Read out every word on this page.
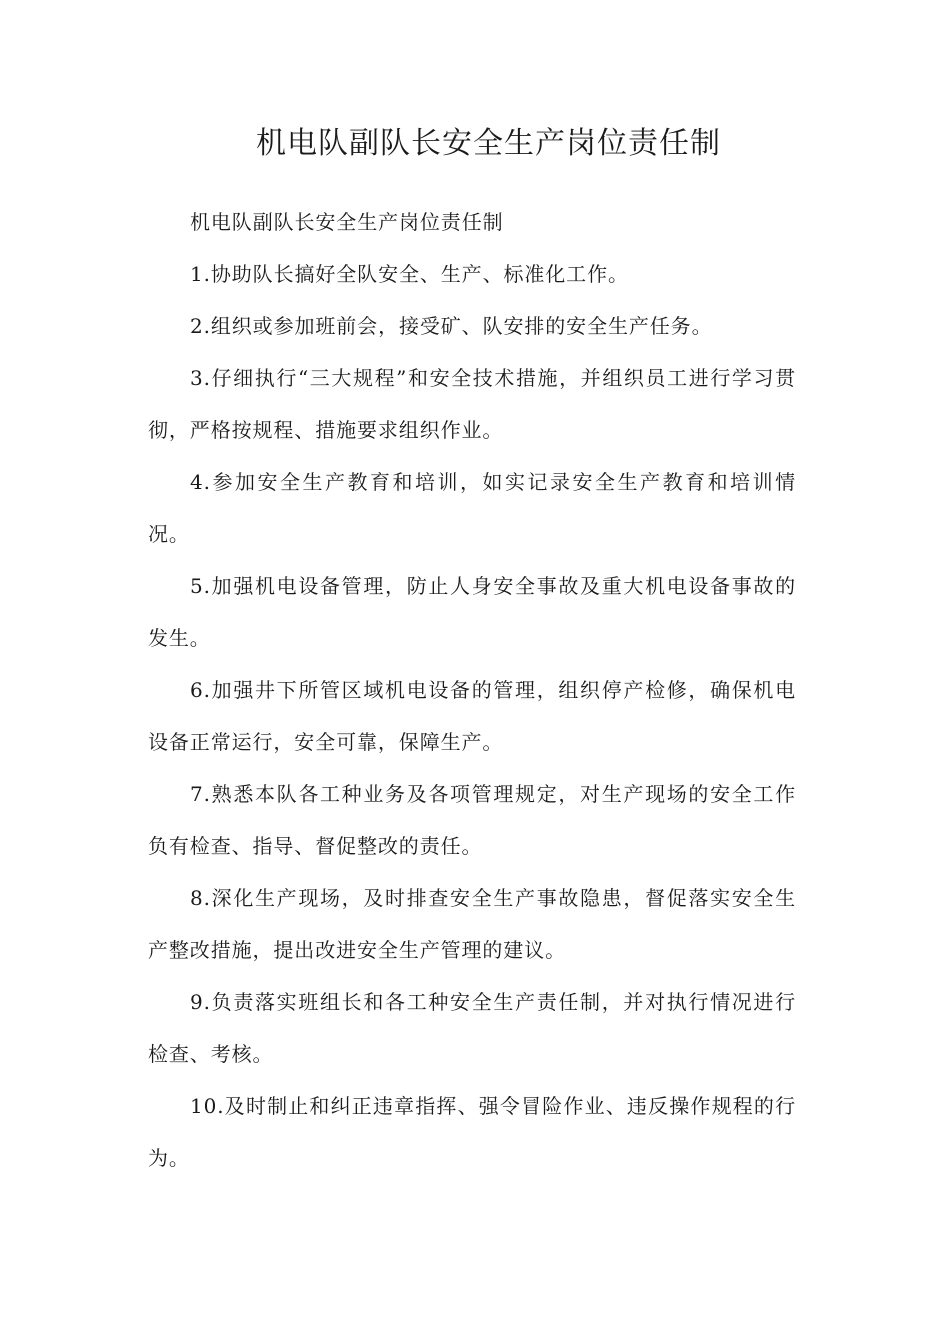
机电队副队长安全生产岗位责任制

机电队副队长安全生产岗位责任制

1.协助队长搞好全队安全、生产、标准化工作。

2.组织或参加班前会，接受矿、队安排的安全生产任务。

3.仔细执行“三大规程”和安全技术措施，并组织员工进行学习贯彻，严格按规程、措施要求组织作业。

4.参加安全生产教育和培训，如实记录安全生产教育和培训情况。

5.加强机电设备管理，防止人身安全事故及重大机电设备事故的发生。

6.加强井下所管区域机电设备的管理，组织停产检修，确保机电设备正常运行，安全可靠，保障生产。

7.熟悉本队各工种业务及各项管理规定，对生产现场的安全工作负有检查、指导、督促整改的责任。

8.深化生产现场，及时排查安全生产事故隐患，督促落实安全生产整改措施，提出改进安全生产管理的建议。

9.负责落实班组长和各工种安全生产责任制，并对执行情况进行检查、考核。

10.及时制止和纠正违章指挥、强令冒险作业、违反操作规程的行为。
